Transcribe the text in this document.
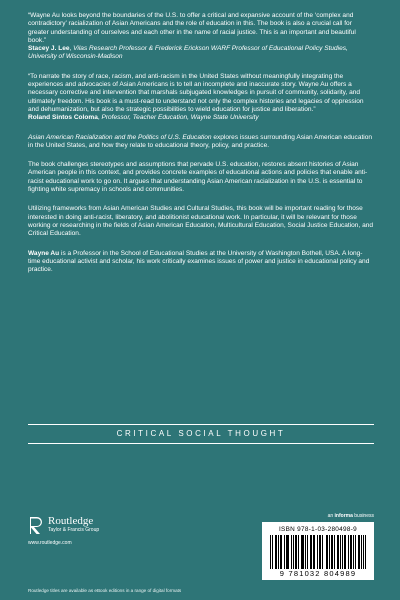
“Wayne Au looks beyond the boundaries of the U.S. to offer a critical and expansive account of the ‘complex and contradictory’ racialization of Asian Americans and the role of education in this. The book is also a crucial call for greater understanding of ourselves and each other in the name of racial justice. This is an important and beautiful book.”
Stacey J. Lee, Vilas Research Professor & Frederick Erickson WARF Professor of Educational Policy Studies, University of Wisconsin-Madison
“To narrate the story of race, racism, and anti-racism in the United States without meaningfully integrating the experiences and advocacies of Asian Americans is to tell an incomplete and inaccurate story. Wayne Au offers a necessary corrective and intervention that marshals subjugated knowledges in pursuit of community, solidarity, and ultimately freedom. His book is a must-read to understand not only the complex histories and legacies of oppression and dehumanization, but also the strategic possibilities to wield education for justice and liberation.”
Roland Sintos Coloma, Professor, Teacher Education, Wayne State University

Asian American Racialization and the Politics of U.S. Education explores issues surrounding Asian American education in the United States, and how they relate to educational theory, policy, and practice.

The book challenges stereotypes and assumptions that pervade U.S. education, restores absent histories of Asian American people in this context, and provides concrete examples of educational actions and policies that enable anti-racist educational work to go on. It argues that understanding Asian American racialization in the U.S. is essential to fighting white supremacy in schools and communities.

Utilizing frameworks from Asian American Studies and Cultural Studies, this book will be important reading for those interested in doing anti-racist, liberatory, and abolitionist educational work. In particular, it will be relevant for those working or researching in the fields of Asian American Education, Multicultural Education, Social Justice Education, and Critical Education.

Wayne Au is a Professor in the School of Educational Studies at the University of Washington Bothell, USA. A long-time educational activist and scholar, his work critically examines issues of power and justice in educational policy and practice.

CRITICAL SOCIAL THOUGHT
Routledge
Taylor & Francis Group
www.routledge.com
an informa business
ISBN 978-1-03-280498-9
9 781032 804989
Routledge titles are available as eBook editions in a range of digital formats
